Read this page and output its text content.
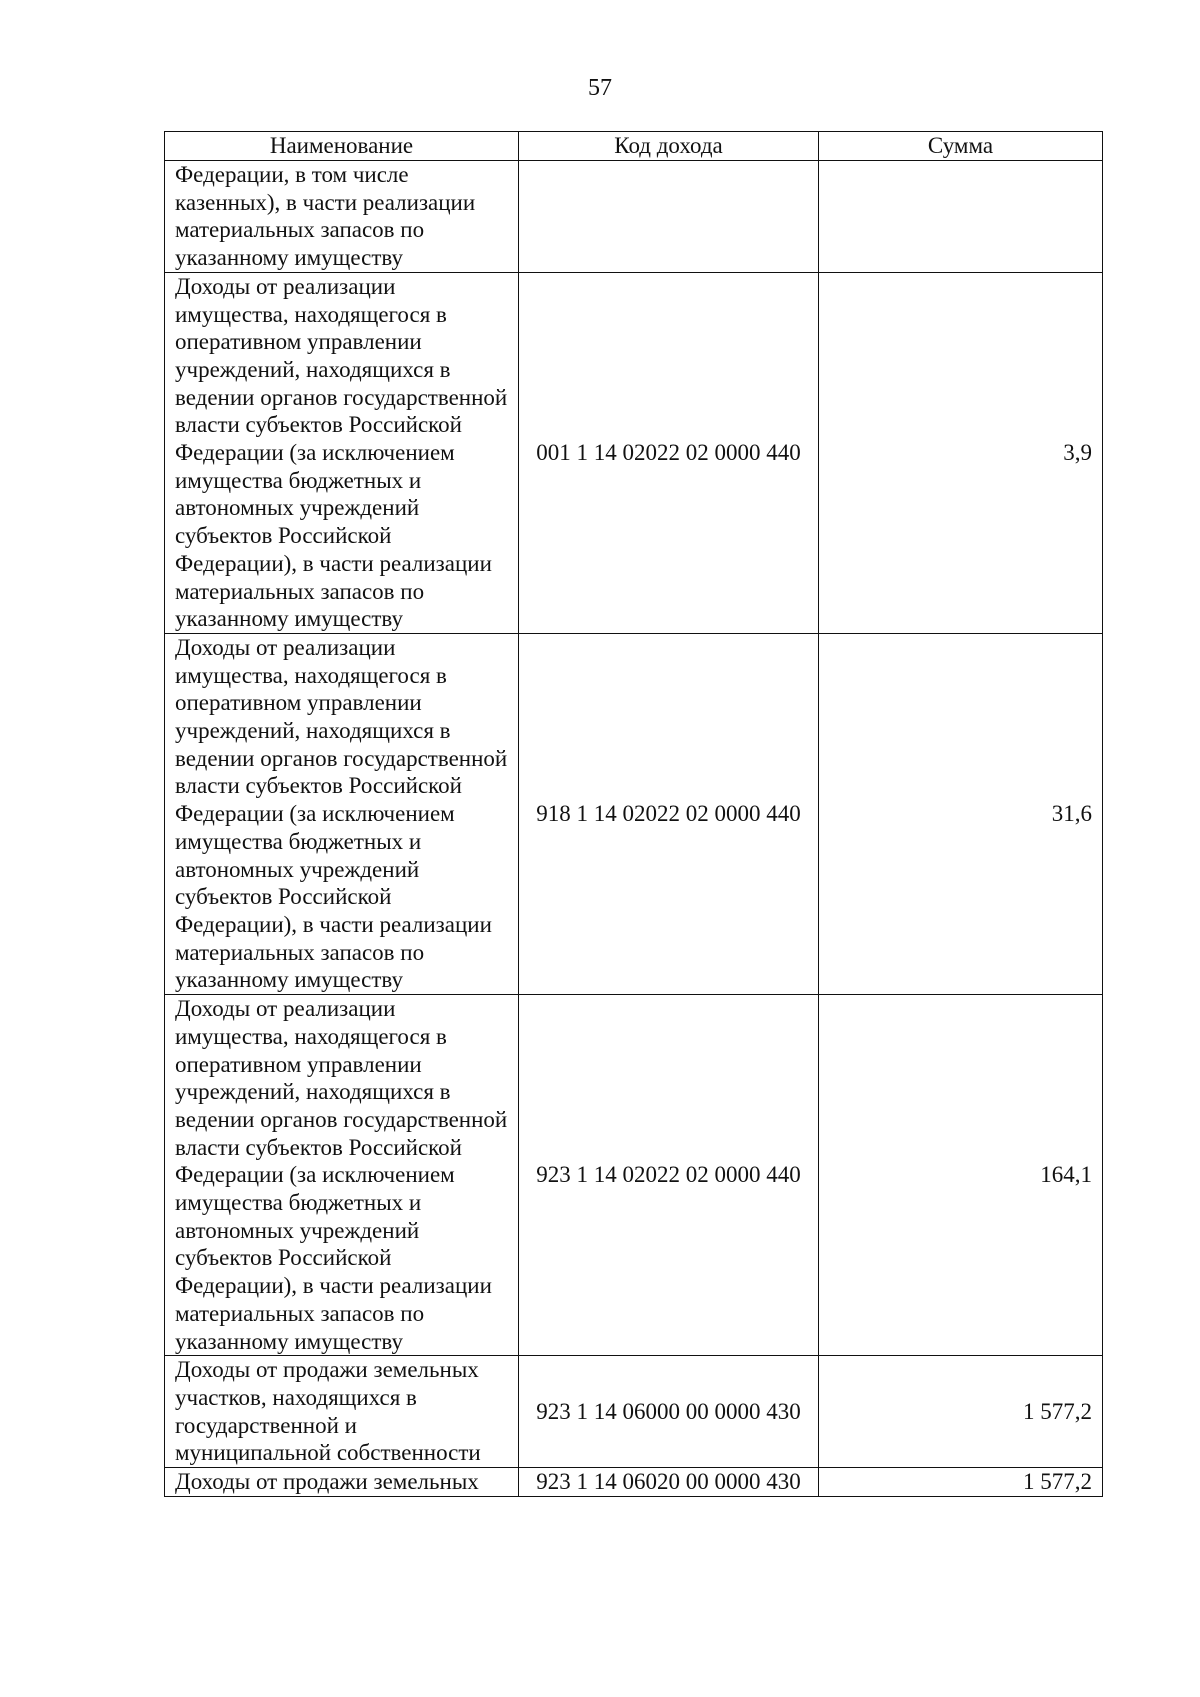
57
Наименование	Код дохода	Сумма
Федерации, в том числе казенных), в части реализации материальных запасов по указанному имуществу		
Доходы от реализации имущества, находящегося в оперативном управлении учреждений, находящихся в ведении органов государственной власти субъектов Российской Федерации (за исключением имущества бюджетных и автономных учреждений субъектов Российской Федерации), в части реализации материальных запасов по указанному имуществу	001 1 14 02022 02 0000 440	3,9
Доходы от реализации имущества, находящегося в оперативном управлении учреждений, находящихся в ведении органов государственной власти субъектов Российской Федерации (за исключением имущества бюджетных и автономных учреждений субъектов Российской Федерации), в части реализации материальных запасов по указанному имуществу	918 1 14 02022 02 0000 440	31,6
Доходы от реализации имущества, находящегося в оперативном управлении учреждений, находящихся в ведении органов государственной власти субъектов Российской Федерации (за исключением имущества бюджетных и автономных учреждений субъектов Российской Федерации), в части реализации материальных запасов по указанному имуществу	923 1 14 02022 02 0000 440	164,1
Доходы от продажи земельных участков, находящихся в государственной и муниципальной собственности	923 1 14 06000 00 0000 430	1 577,2

Доходы от продажи земельных	923 1 14 06020 00 0000 430	1 577,2
